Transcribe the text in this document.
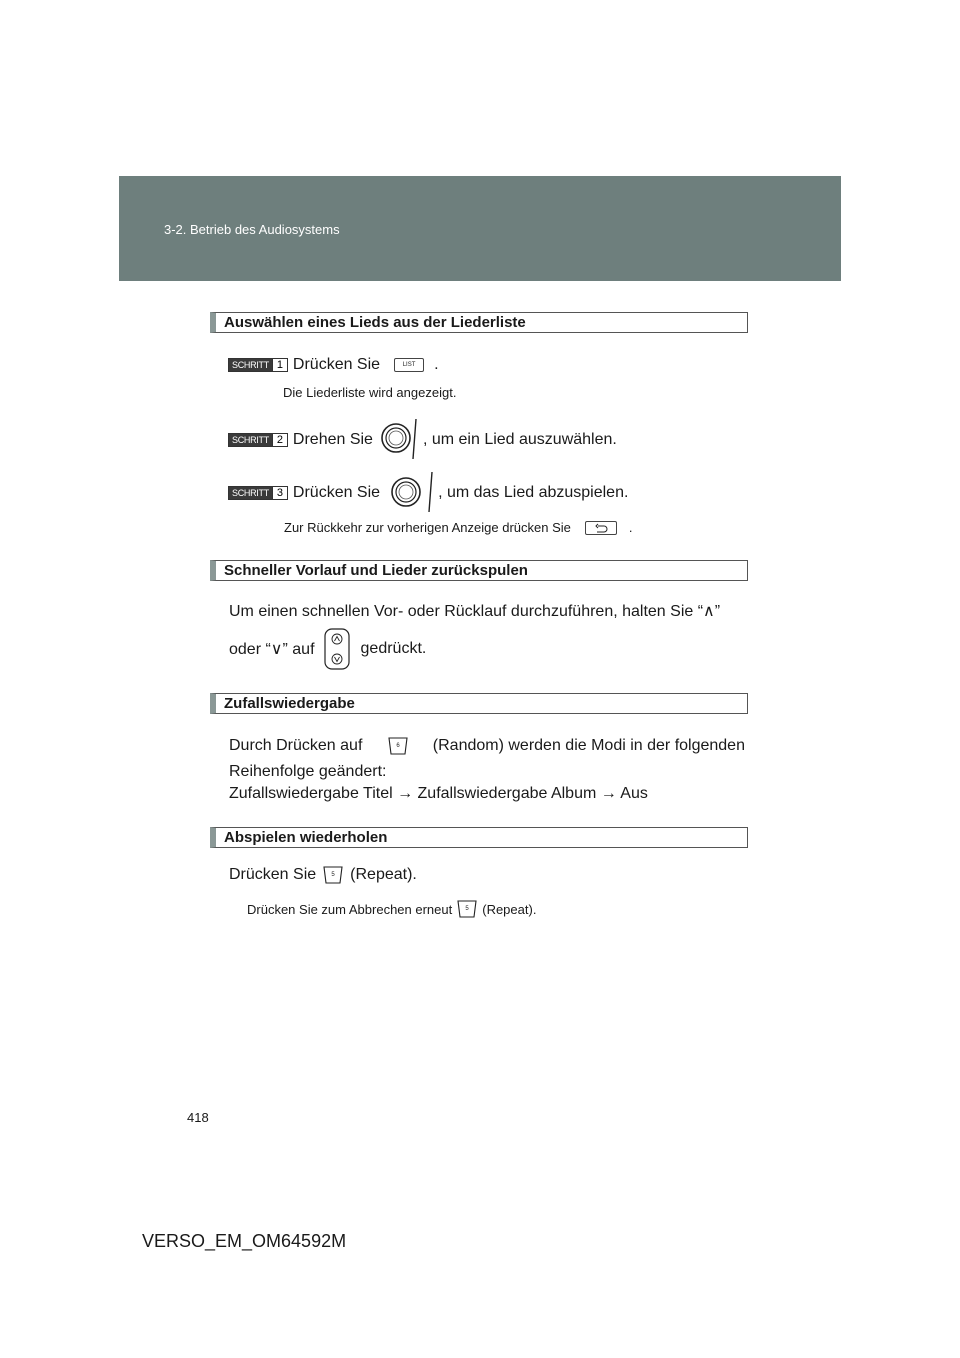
3-2. Betrieb des Audiosystems
Auswählen eines Lieds aus der Liederliste
SCHRITT 1 Drücken Sie	LIST	.
Die Liederliste wird angezeigt.
SCHRITT 2 Drehen Sie	, um ein Lied auszuwählen.
SCHRITT 3 Drücken Sie	, um das Lied abzuspielen.
Zur Rückkehr zur vorherigen Anzeige drücken Sie	.
Schneller Vorlauf und Lieder zurückspulen
Um einen schnellen Vor- oder Rücklauf durchzuführen, halten Sie “∧”
oder “∨” auf	gedrückt.
Zufallswiedergabe
Durch Drücken auf	6 (Random) werden die Modi in der folgenden
Reihenfolge geändert:
Zufallswiedergabe Titel → Zufallswiedergabe Album → Aus
Abspielen wiederholen
Drücken Sie	5 (Repeat).
Drücken Sie zum Abbrechen erneut 5 (Repeat).
418
VERSO_EM_OM64592M
